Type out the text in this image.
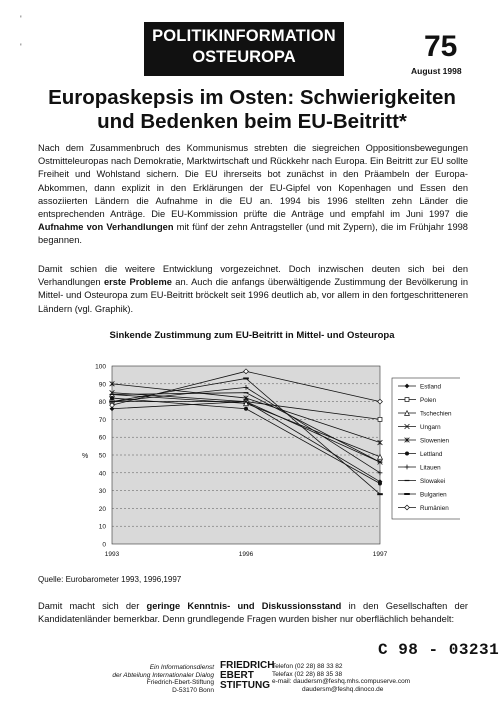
'
'
POLITIKINFORMATION
OSTEUROPA	75
August 1998
Europaskepsis im Osten: Schwierigkeiten und Bedenken beim EU-Beitritt*

Nach dem Zusammenbruch des Kommunismus strebten die siegreichen Oppositionsbewegungen Ostmitteleuropas nach Demokratie, Marktwirtschaft und Rückkehr nach Europa. Ein Beitritt zur EU sollte Freiheit und Wohlstand sichern. Die EU ihrerseits bot zunächst in den Präambeln der Europa-Abkommen, dann explizit in den Erklärungen der EU-Gipfel von Kopenhagen und Essen den assoziierten Ländern die Aufnahme in die EU an. 1994 bis 1996 stellten zehn Länder die entsprechenden Anträge. Die EU-Kommission prüfte die Anträge und empfahl im Juni 1997 die Aufnahme von Verhandlungen mit fünf der zehn Antragsteller (und mit Zypern), die im Frühjahr 1998 begannen.

Damit schien die weitere Entwicklung vorgezeichnet. Doch inzwischen deuten sich bei den Verhandlungen erste Probleme an. Auch die anfangs überwältigende Zustimmung der Bevölkerung in Mittel- und Osteuropa zum EU-Beitritt bröckelt seit 1996 deutlich ab, vor allem in den fortgeschritteneren Ländern (vgl. Graphik).

Sinkende Zustimmung zum EU-Beitritt in Mittel- und Osteuropa
0
10
20
30
40
50
60
70
80
90
100
%
1993	1996	1997
Estland
Polen
Tschechien
Ungarn
Slowenien
Lettland
Litauen
Slowakei
Bulgarien
Rumänien
Quelle: Eurobarometer 1993, 1996,1997

Damit macht sich der geringe Kenntnis- und Diskussionsstand in den Gesellschaften der Kandidatenländer bemerkbar. Denn grundlegende Fragen wurden bisher nur oberflächlich behandelt:

C 98 - 03231
Ein Informationsdienst
der Abteilung Internationaler Dialog
Friedrich-Ebert-Stiftung
D-53170 Bonn
FRIEDRICH
EBERT
STIFTUNG
Telefon (02 28) 88 33 82
Telefax (02 28) 88 35 38
e-mail: daudersm@feshq.mhs.compuserve.com
daudersm@feshq.dinoco.de
